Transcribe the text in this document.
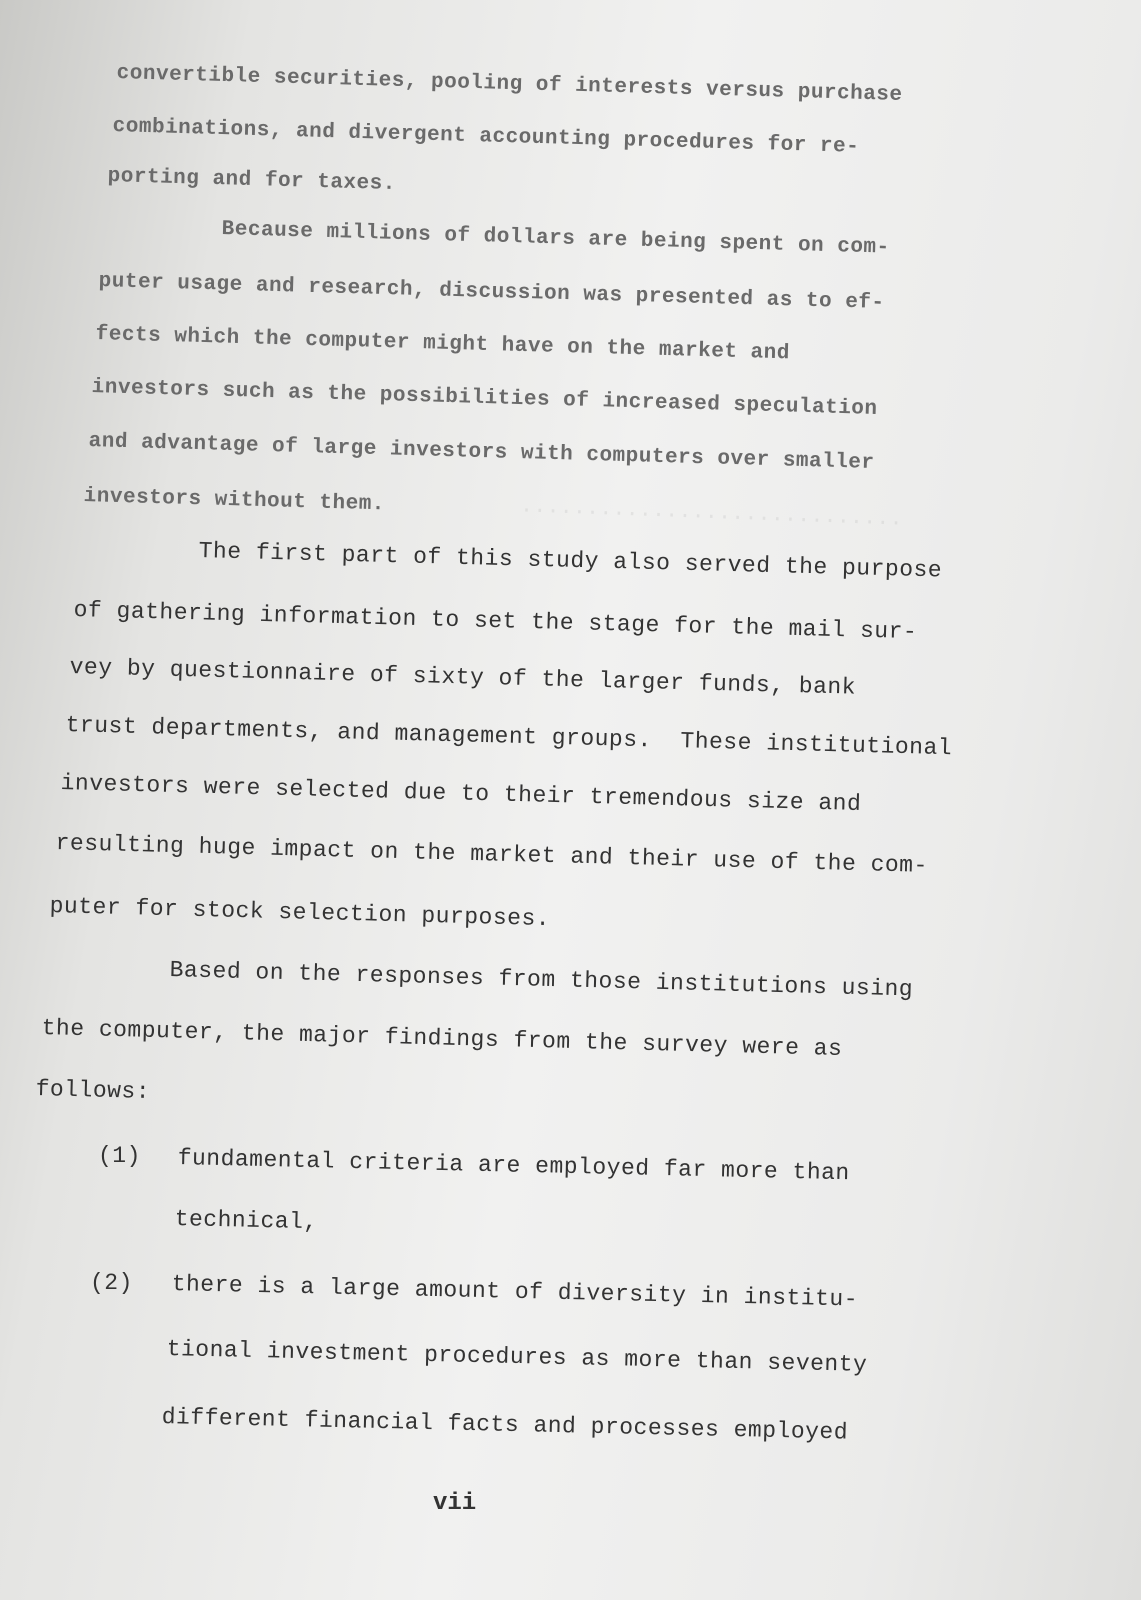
.............................
convertible securities, pooling of interests versus purchase
combinations, and divergent accounting procedures for re-
porting and for taxes.
Because millions of dollars are being spent on com-
puter usage and research, discussion was presented as to ef-
fects which the computer might have on the market and
investors such as the possibilities of increased speculation
and advantage of large investors with computers over smaller
investors without them.
The first part of this study also served the purpose
of gathering information to set the stage for the mail sur-
vey by questionnaire of sixty of the larger funds, bank
trust departments, and management groups.  These institutional
investors were selected due to their tremendous size and
resulting huge impact on the market and their use of the com-
puter for stock selection purposes.
Based on the responses from those institutions using
the computer, the major findings from the survey were as
follows:
(1) fundamental criteria are employed far more than
technical,
(2) there is a large amount of diversity in institu-
tional investment procedures as more than seventy
different financial facts and processes employed
vii
